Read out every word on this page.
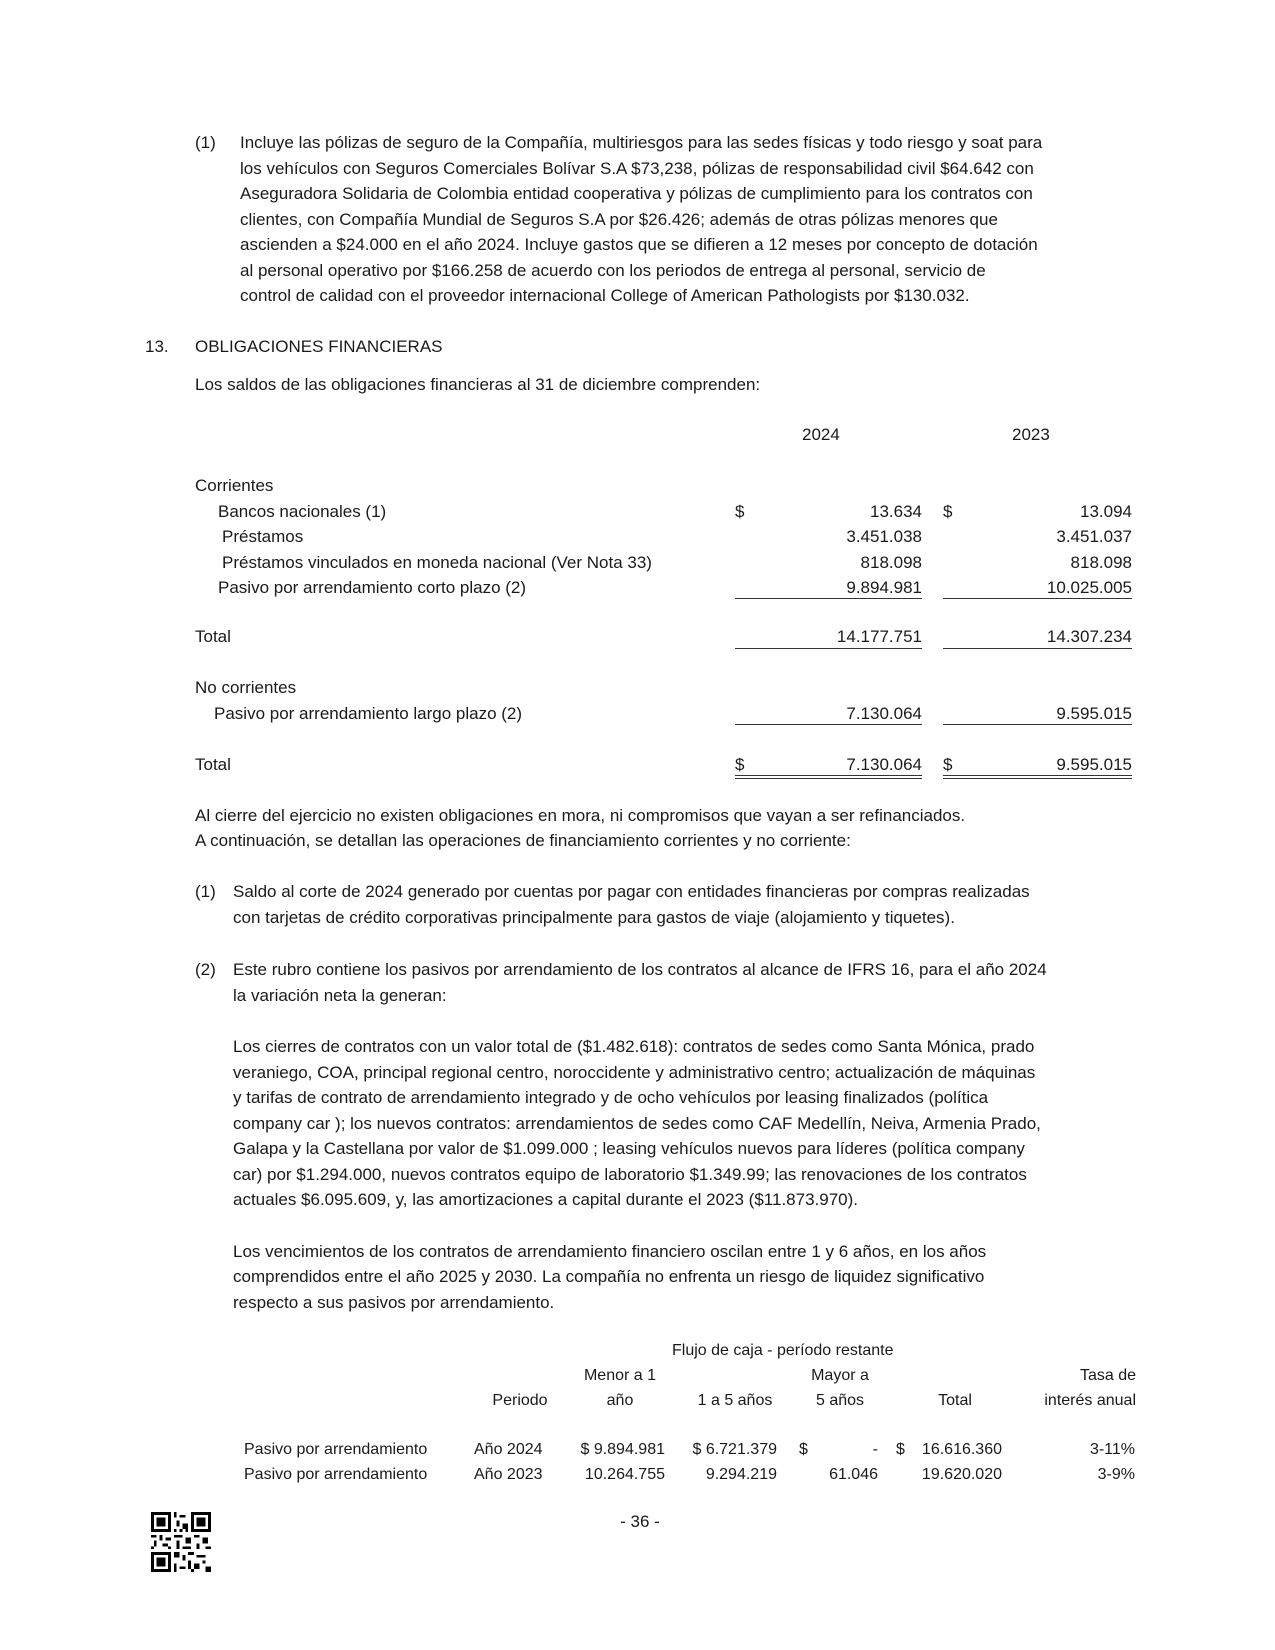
(1) Incluye las pólizas de seguro de la Compañía, multiriesgos para las sedes físicas y todo riesgo y soat para
los vehículos con Seguros Comerciales Bolívar S.A $73,238, pólizas de responsabilidad civil $64.642 con
Aseguradora Solidaria de Colombia entidad cooperativa y pólizas de cumplimiento para los contratos con
clientes, con Compañía Mundial de Seguros S.A por $26.426; además de otras pólizas menores que
ascienden a $24.000 en el año 2024. Incluye gastos que se difieren a 12 meses por concepto de dotación
al personal operativo por $166.258 de acuerdo con los periodos de entrega al personal, servicio de
control de calidad con el proveedor internacional College of American Pathologists por $130.032.
13. OBLIGACIONES FINANCIERAS
Los saldos de las obligaciones financieras al 31 de diciembre comprenden:
2024	2023
Corrientes
Bancos nacionales (1)	$	13.634 $	13.094
Préstamos	3.451.038	3.451.037
Préstamos vinculados en moneda nacional (Ver Nota 33)	818.098	818.098
Pasivo por arrendamiento corto plazo (2)	9.894.981	10.025.005
Total	14.177.751	14.307.234
No corrientes
Pasivo por arrendamiento largo plazo (2)	7.130.064	9.595.015
Total	$	7.130.064 $	9.595.015
Al cierre del ejercicio no existen obligaciones en mora, ni compromisos que vayan a ser refinanciados.
A continuación, se detallan las operaciones de financiamiento corrientes y no corriente:
(1) Saldo al corte de 2024 generado por cuentas por pagar con entidades financieras por compras realizadas
con tarjetas de crédito corporativas principalmente para gastos de viaje (alojamiento y tiquetes).
(2) Este rubro contiene los pasivos por arrendamiento de los contratos al alcance de IFRS 16, para el año 2024
la variación neta la generan:
Los cierres de contratos con un valor total de ($1.482.618): contratos de sedes como Santa Mónica, prado
veraniego, COA, principal regional centro, noroccidente y administrativo centro; actualización de máquinas
y tarifas de contrato de arrendamiento integrado y de ocho vehículos por leasing finalizados (política
company car ); los nuevos contratos: arrendamientos de sedes como CAF Medellín, Neiva, Armenia Prado,
Galapa y la Castellana por valor de $1.099.000 ; leasing vehículos nuevos para líderes (política company
car) por $1.294.000, nuevos contratos equipo de laboratorio $1.349.99; las renovaciones de los contratos
actuales $6.095.609, y, las amortizaciones a capital durante el 2023 ($11.873.970).
Los vencimientos de los contratos de arrendamiento financiero oscilan entre 1 y 6 años, en los años
comprendidos entre el año 2025 y 2030. La compañía no enfrenta un riesgo de liquidez significativo
respecto a sus pasivos por arrendamiento.
Flujo de caja - período restante
Menor a 1	Mayor a	Tasa de
Periodo	año	1 a 5 años	5 años	Total	interés anual
Pasivo por arrendamiento	Año 2024	$ 9.894.981	$ 6.721.379 $	- $	16.616.360	3-11%
Pasivo por arrendamiento	Año 2023	10.264.755	9.294.219	61.046	19.620.020	3-9%
- 36 -
